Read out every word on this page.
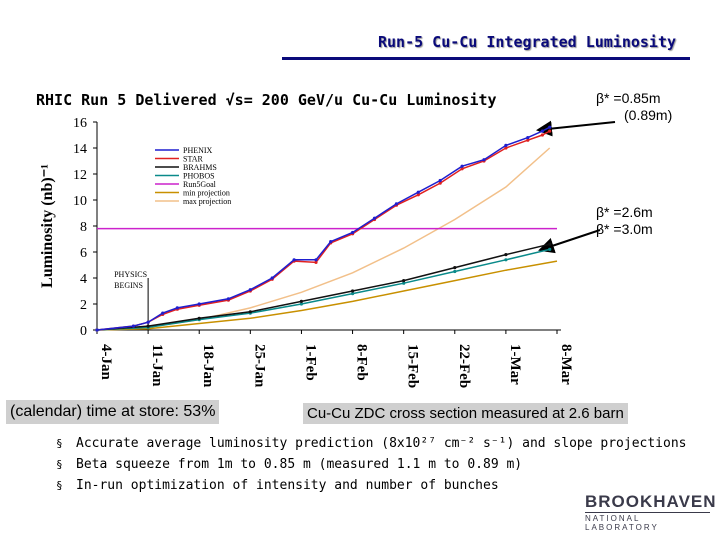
Run-5 Cu-Cu Integrated Luminosity
RHIC Run 5 Delivered √s= 200 GeV/u Cu-Cu Luminosity	β* =0.85m
(0.89m)
β* =2.6m
β* =3.0m
0
2
4
6
8
10
12
14
16
4-Jan 11-Jan 18-Jan 25-Jan 1-Feb 8-Feb 15-Feb 22-Feb 1-Mar 8-Mar
Luminosity (nb)⁻¹	PHYSICS
BEGINS
PHENIX
STAR
BRAHMS
PHOBOS
Run5Goal
min projection
max projection
(calendar) time at store: 53%	Cu-Cu ZDC cross section measured at 2.6 barn
§ Accurate average luminosity prediction (8x10²⁷ cm⁻² s⁻¹) and slope projections
§ Beta squeeze from 1m to 0.85 m (measured 1.1 m to 0.89 m)
§ In-run optimization of intensity and number of bunches
BROOKHAVEN
NATIONAL LABORATORY
